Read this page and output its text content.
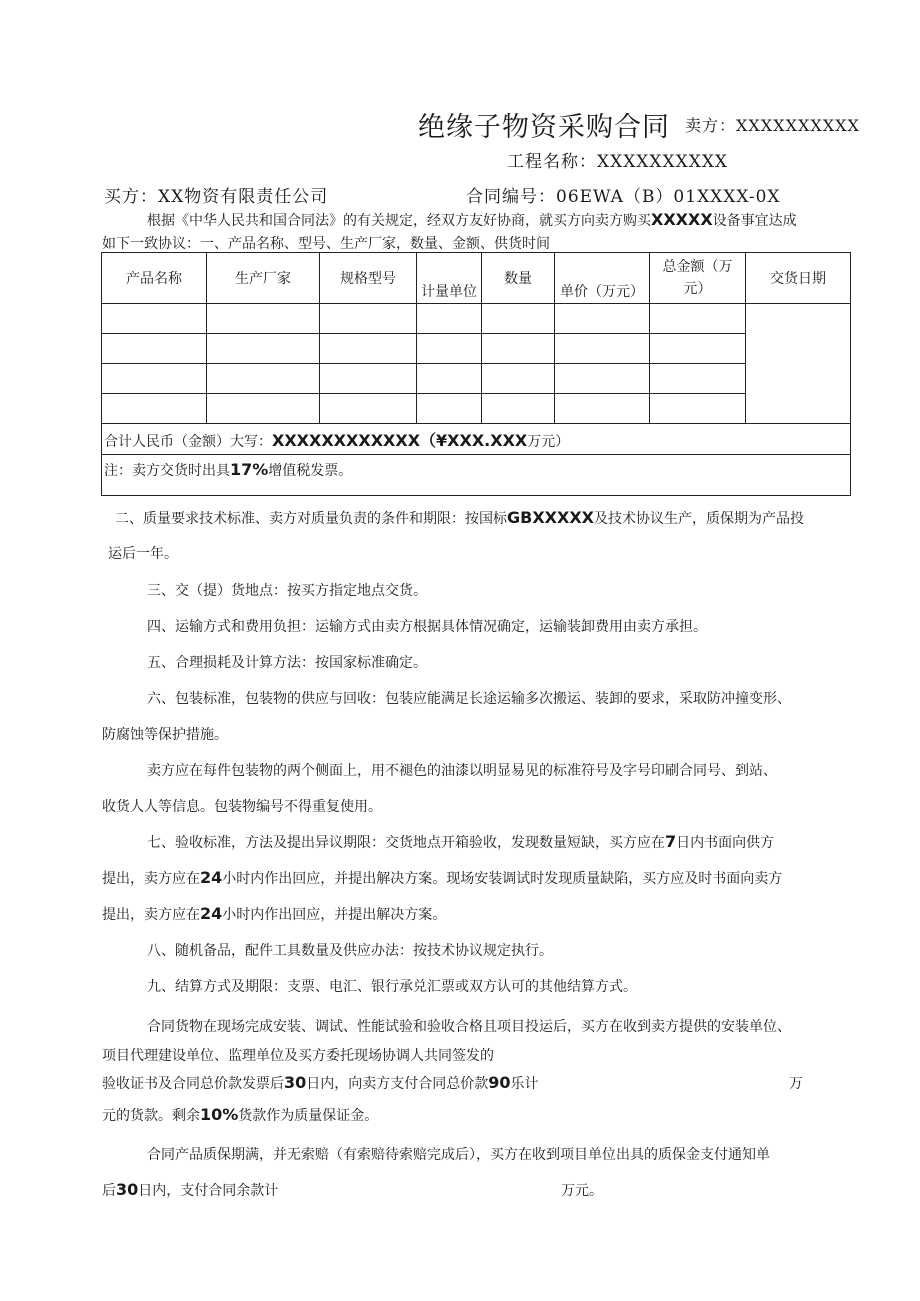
绝缘子物资采购合同 卖方：XXXXXXXXXX
工程名称：XXXXXXXXXX
买方：XX物资有限责任公司	合同编号：06EWA（B）01XXXX-0X
根据《中华人民共和国合同法》的有关规定，经双方友好协商，就买方向卖方购买XXXXX设备事宜达成
如下一致协议：一、产品名称、型号、生产厂家，数量、金额、供货时间
产品名称	生产厂家	规格型号	计量单位	数量	单价（万元）	总金额（万元）	交货日期

合计人民币（金额）大写：XXXXXXXXXXXX（¥XXX.XXX万元）							
注：卖方交货时出具17%增值税发票。							
二、质量要求技术标准、卖方对质量负责的条件和期限：按国标GBXXXXX及技术协议生产，质保期为产品投
运后一年。
三、交（提）货地点：按买方指定地点交货。
四、运输方式和费用负担：运输方式由卖方根据具体情况确定，运输装卸费用由卖方承担。
五、合理损耗及计算方法：按国家标准确定。
六、包装标准，包装物的供应与回收：包装应能满足长途运输多次搬运、装卸的要求，采取防冲撞变形、
防腐蚀等保护措施。
卖方应在每件包装物的两个侧面上，用不褪色的油漆以明显易见的标准符号及字号印刷合同号、到站、
收货人人等信息。包装物编号不得重复使用。
七、验收标准，方法及提出异议期限：交货地点开箱验收，发现数量短缺，买方应在7日内书面向供方
提出，卖方应在24小时内作出回应，并提出解决方案。现场安装调试时发现质量缺陷，买方应及时书面向卖方
提出，卖方应在24小时内作出回应，并提出解决方案。
八、随机备品，配件工具数量及供应办法：按技术协议规定执行。
九、结算方式及期限：支票、电汇、银行承兑汇票或双方认可的其他结算方式。
合同货物在现场完成安装、调试、性能试验和验收合格且项目投运后，买方在收到卖方提供的安装单位、
项目代理建设单位、监理单位及买方委托现场协调人共同签发的
验收证书及合同总价款发票后30日内，向卖方支付合同总价款90乐计	万
元的货款。剩余10%货款作为质量保证金。
合同产品质保期满，并无索赔（有索赔待索赔完成后），买方在收到项目单位出具的质保金支付通知单
后30日内，支付合同余款计	万元。
